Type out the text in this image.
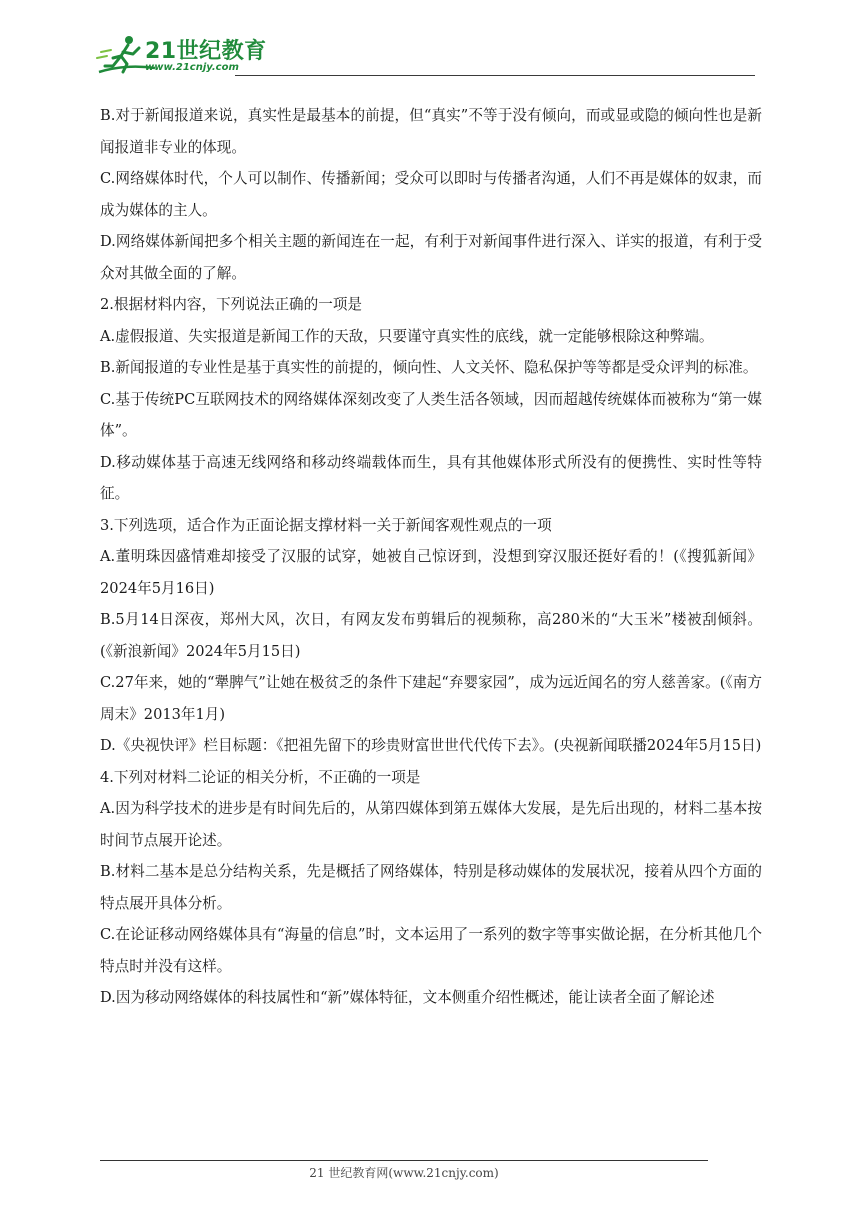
21世纪教育
www.21cnjy.com

B.对于新闻报道来说，真实性是最基本的前提，但“真实”不等于没有倾向，而或显或隐的倾向性也是新闻报道非专业的体现。

C.网络媒体时代，个人可以制作、传播新闻；受众可以即时与传播者沟通，人们不再是媒体的奴隶，而成为媒体的主人。

D.网络媒体新闻把多个相关主题的新闻连在一起，有利于对新闻事件进行深入、详实的报道，有利于受众对其做全面的了解。

2.根据材料内容，下列说法正确的一项是

A.虚假报道、失实报道是新闻工作的天敌，只要谨守真实性的底线，就一定能够根除这种弊端。

B.新闻报道的专业性是基于真实性的前提的，倾向性、人文关怀、隐私保护等等都是受众评判的标准。

C.基于传统PC互联网技术的网络媒体深刻改变了人类生活各领域，因而超越传统媒体而被称为“第一媒体”。

D.移动媒体基于高速无线网络和移动终端载体而生，具有其他媒体形式所没有的便携性、实时性等特征。

3.下列选项，适合作为正面论据支撑材料一关于新闻客观性观点的一项

A.董明珠因盛情难却接受了汉服的试穿，她被自己惊讶到，没想到穿汉服还挺好看的！(《搜狐新闻》2024年5月16日)

B.5月14日深夜，郑州大风，次日，有网友发布剪辑后的视频称，高280米的“大玉米”楼被刮倾斜。(《新浪新闻》2024年5月15日)

C.27年来，她的“犟脾气”让她在极贫乏的条件下建起“弃婴家园”，成为远近闻名的穷人慈善家。(《南方周末》2013年1月)

D.《央视快评》栏目标题：《把祖先留下的珍贵财富世世代代传下去》。(央视新闻联播2024年5月15日)

4.下列对材料二论证的相关分析，不正确的一项是

A.因为科学技术的进步是有时间先后的，从第四媒体到第五媒体大发展，是先后出现的，材料二基本按时间节点展开论述。

B.材料二基本是总分结构关系，先是概括了网络媒体，特别是移动媒体的发展状况，接着从四个方面的特点展开具体分析。

C.在论证移动网络媒体具有“海量的信息”时，文本运用了一系列的数字等事实做论据，在分析其他几个特点时并没有这样。

D.因为移动网络媒体的科技属性和“新”媒体特征，文本侧重介绍性概述，能让读者全面了解论述

21 世纪教育网(www.21cnjy.com)
